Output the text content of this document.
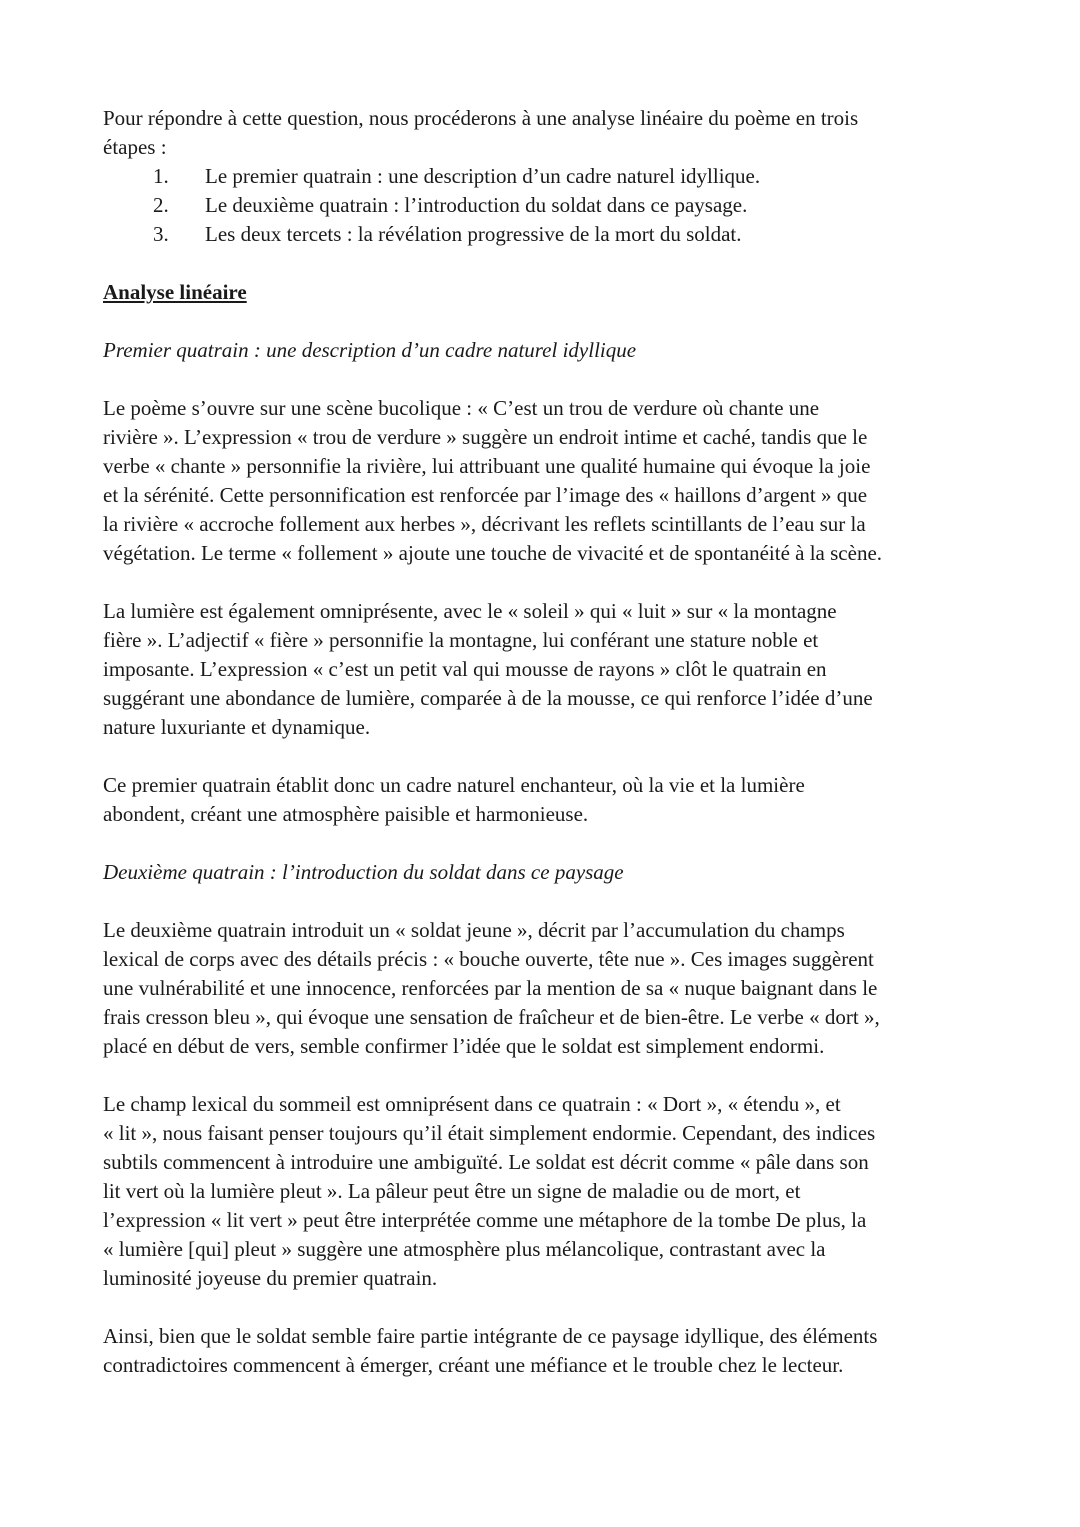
Pour répondre à cette question, nous procéderons à une analyse linéaire du poème en trois
étapes :
1. Le premier quatrain : une description d’un cadre naturel idyllique.
2. Le deuxième quatrain : l’introduction du soldat dans ce paysage.
3. Les deux tercets : la révélation progressive de la mort du soldat.
Analyse linéaire
Premier quatrain : une description d’un cadre naturel idyllique
Le poème s’ouvre sur une scène bucolique : « C’est un trou de verdure où chante une
rivière ». L’expression « trou de verdure » suggère un endroit intime et caché, tandis que le
verbe « chante » personnifie la rivière, lui attribuant une qualité humaine qui évoque la joie
et la sérénité. Cette personnification est renforcée par l’image des « haillons d’argent » que
la rivière « accroche follement aux herbes », décrivant les reflets scintillants de l’eau sur la
végétation. Le terme « follement » ajoute une touche de vivacité et de spontanéité à la scène.
La lumière est également omniprésente, avec le « soleil » qui « luit » sur « la montagne
fière ». L’adjectif « fière » personnifie la montagne, lui conférant une stature noble et
imposante. L’expression « c’est un petit val qui mousse de rayons » clôt le quatrain en
suggérant une abondance de lumière, comparée à de la mousse, ce qui renforce l’idée d’une
nature luxuriante et dynamique.
Ce premier quatrain établit donc un cadre naturel enchanteur, où la vie et la lumière
abondent, créant une atmosphère paisible et harmonieuse.
Deuxième quatrain : l’introduction du soldat dans ce paysage
Le deuxième quatrain introduit un « soldat jeune », décrit par l’accumulation du champs
lexical de corps avec des détails précis : « bouche ouverte, tête nue ». Ces images suggèrent
une vulnérabilité et une innocence, renforcées par la mention de sa « nuque baignant dans le
frais cresson bleu », qui évoque une sensation de fraîcheur et de bien-être. Le verbe « dort »,
placé en début de vers, semble confirmer l’idée que le soldat est simplement endormi.
Le champ lexical du sommeil est omniprésent dans ce quatrain : « Dort », « étendu », et
« lit », nous faisant penser toujours qu’il était simplement endormie. Cependant, des indices
subtils commencent à introduire une ambiguïté. Le soldat est décrit comme « pâle dans son
lit vert où la lumière pleut ». La pâleur peut être un signe de maladie ou de mort, et
l’expression « lit vert » peut être interprétée comme une métaphore de la tombe De plus, la
« lumière [qui] pleut » suggère une atmosphère plus mélancolique, contrastant avec la
luminosité joyeuse du premier quatrain.
Ainsi, bien que le soldat semble faire partie intégrante de ce paysage idyllique, des éléments
contradictoires commencent à émerger, créant une méfiance et le trouble chez le lecteur.
